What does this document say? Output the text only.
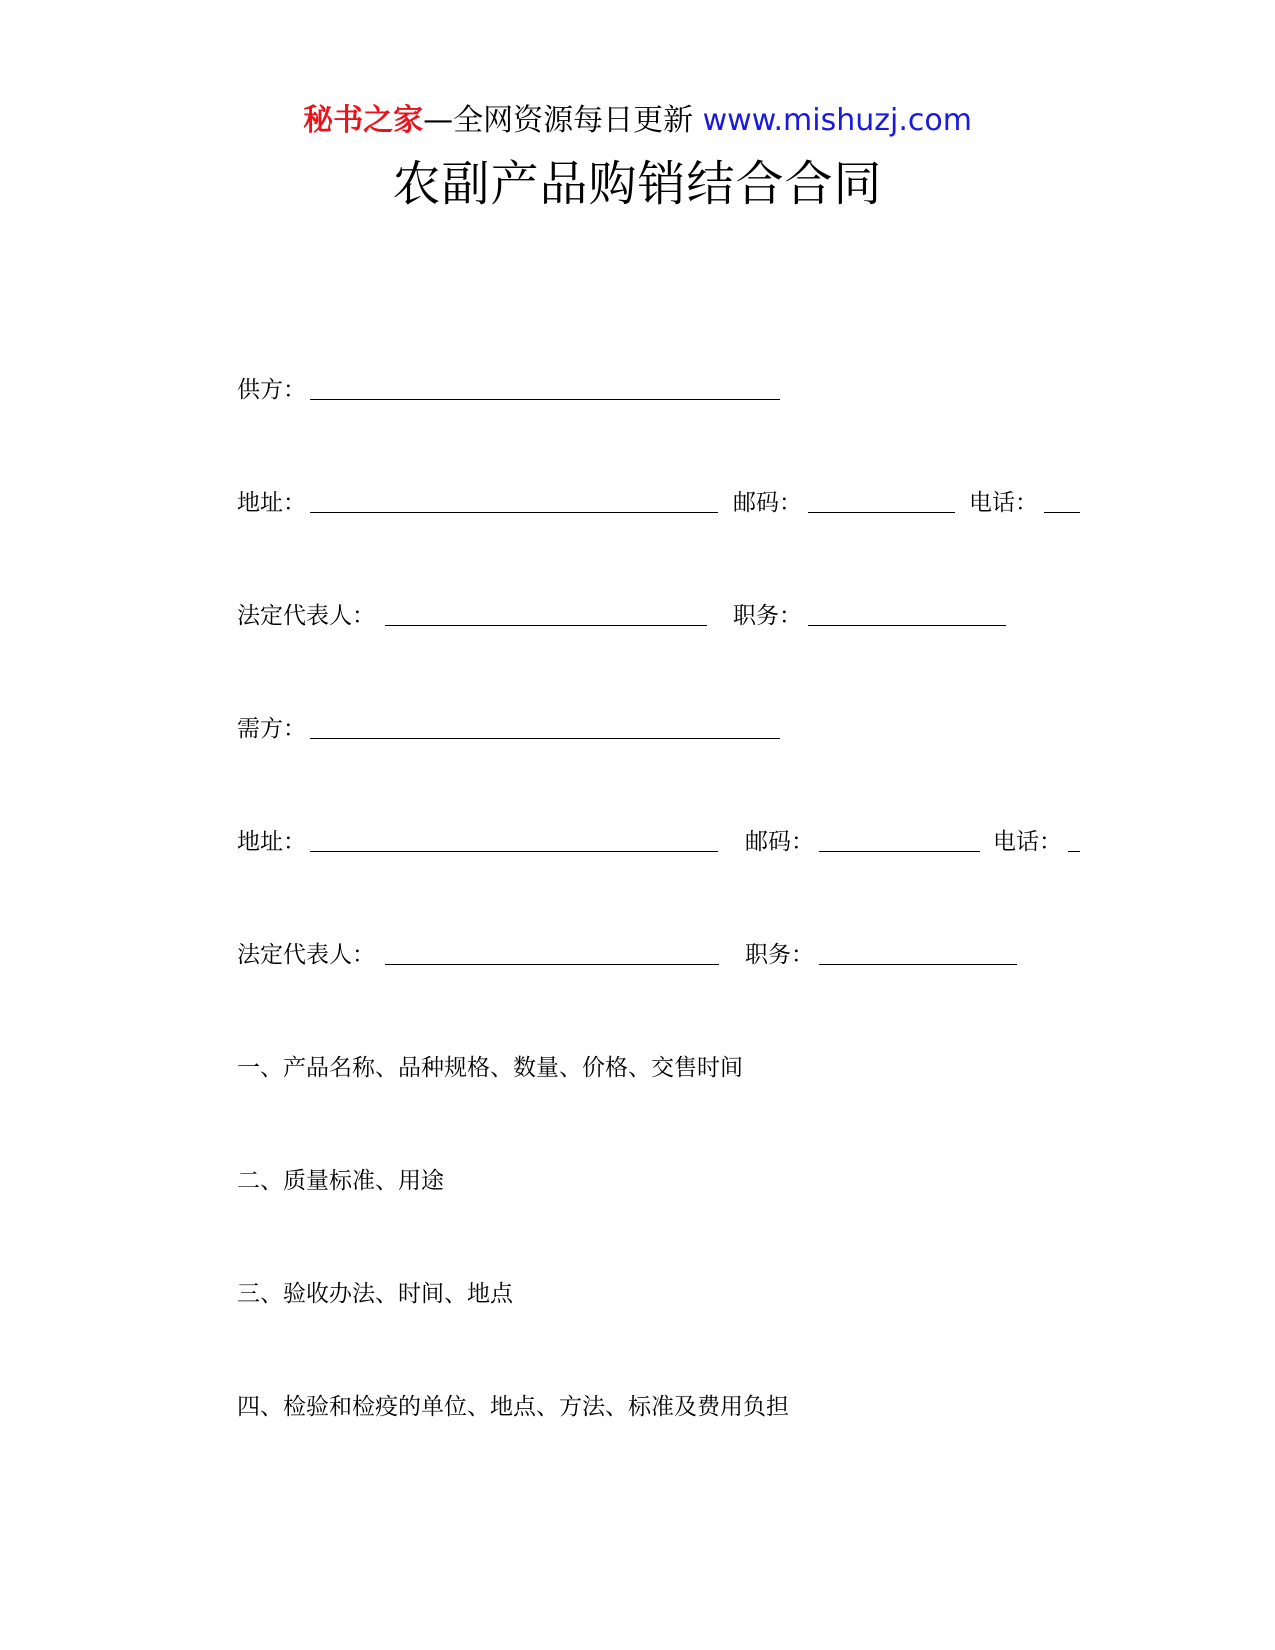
秘书之家—全网资源每日更新 www.mishuzj.com
农副产品购销结合合同
供方：
地址：	邮码：	电话：
法定代表人：	职务：
需方：
地址：	邮码：	电话：
法定代表人：	职务：
一、产品名称、品种规格、数量、价格、交售时间
二、质量标准、用途
三、验收办法、时间、地点
四、检验和检疫的单位、地点、方法、标准及费用负担
